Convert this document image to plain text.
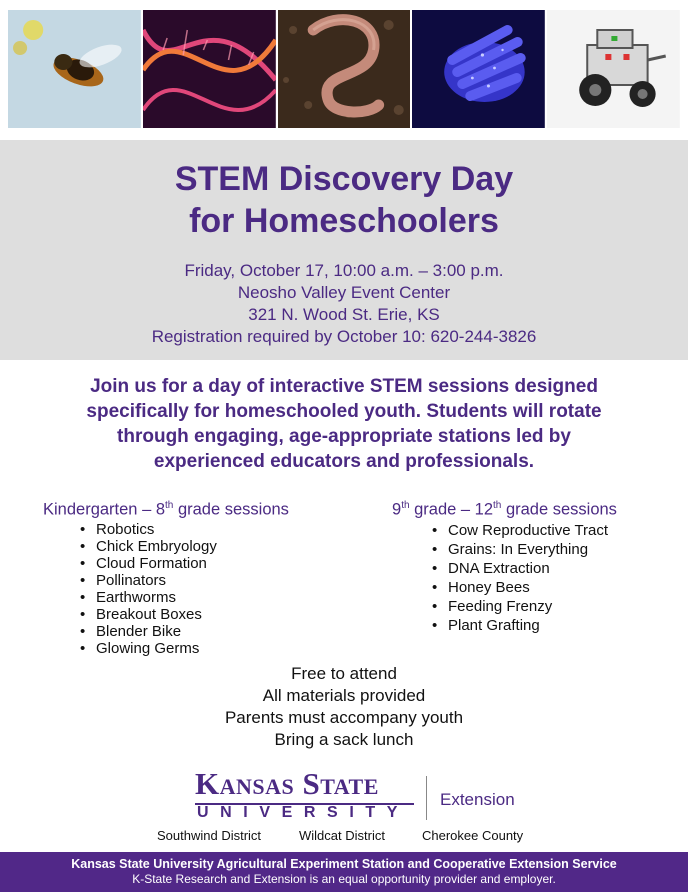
STEM Discovery Day
for Homeschoolers
Friday, October 17, 10:00 a.m. – 3:00 p.m.
Neosho Valley Event Center
321 N. Wood St. Erie, KS
Registration required by October 10: 620-244-3826
Join us for a day of interactive STEM sessions designed
specifically for homeschooled youth. Students will rotate
through engaging, age-appropriate stations led by
experienced educators and professionals.
Kindergarten – 8th grade sessions
• Robotics
• Chick Embryology
• Cloud Formation
• Pollinators
• Earthworms
• Breakout Boxes
• Blender Bike
• Glowing Germs
9th grade – 12th grade sessions
• Cow Reproductive Tract
• Grains: In Everything
• DNA Extraction
• Honey Bees
• Feeding Frenzy
• Plant Grafting
Free to attend
All materials provided
Parents must accompany youth
Bring a sack lunch
Kansas State
UNIVERSITY
Extension
Southwind District	Wildcat District	Cherokee County
Kansas State University Agricultural Experiment Station and Cooperative Extension Service
K-State Research and Extension is an equal opportunity provider and employer.
